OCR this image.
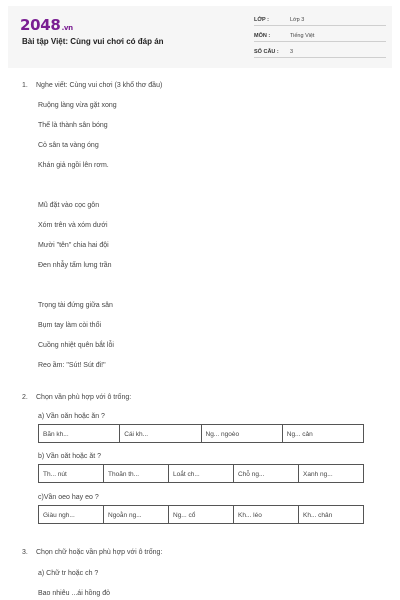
2048.vn
Bài tập Việt: Cùng vui chơi có đáp án
LỚP :	Lớp 3
MÔN :	Tiếng Việt
SỐ CÂU : 3
1. Nghe viết: Cùng vui chơi (3 khổ thơ đầu)
Ruộng làng vừa gặt xong
Thế là thành sân bóng
Cỏ sân ta vàng óng
Khán giả ngồi lên rơm.
Mũ đặt vào cọc gôn
Xóm trên và xóm dưới
Mười "tên" chia hai đội
Đen nhẫy tấm lưng trần
Trọng tài đứng giữa sân
Bụm tay làm còi thổi
Cuồng nhiệt quên bắt lỗi
Reo ầm: "Sút! Sút đi!"
2. Chọn vần phù hợp với ô trống:
a) Vần oăn hoặc ăn ?
Bãn kh...	Cái kh...	Ng... ngoèo	Ng... cản
b) Vần oăt hoặc ăt ?
Th... nút	Thoăn th...	Loắt ch...	Chỗ ng...	Xanh ng...
c)Vần oeo hay eo ?
Giàu ngh...	Ngoằn ng...	Ng... cổ	Kh... léo	Kh... chân
3. Chọn chữ hoặc vần phù hợp với ô trống:
a) Chữ tr hoặc ch ?
Bao nhiêu ...ái hồng đỏ
